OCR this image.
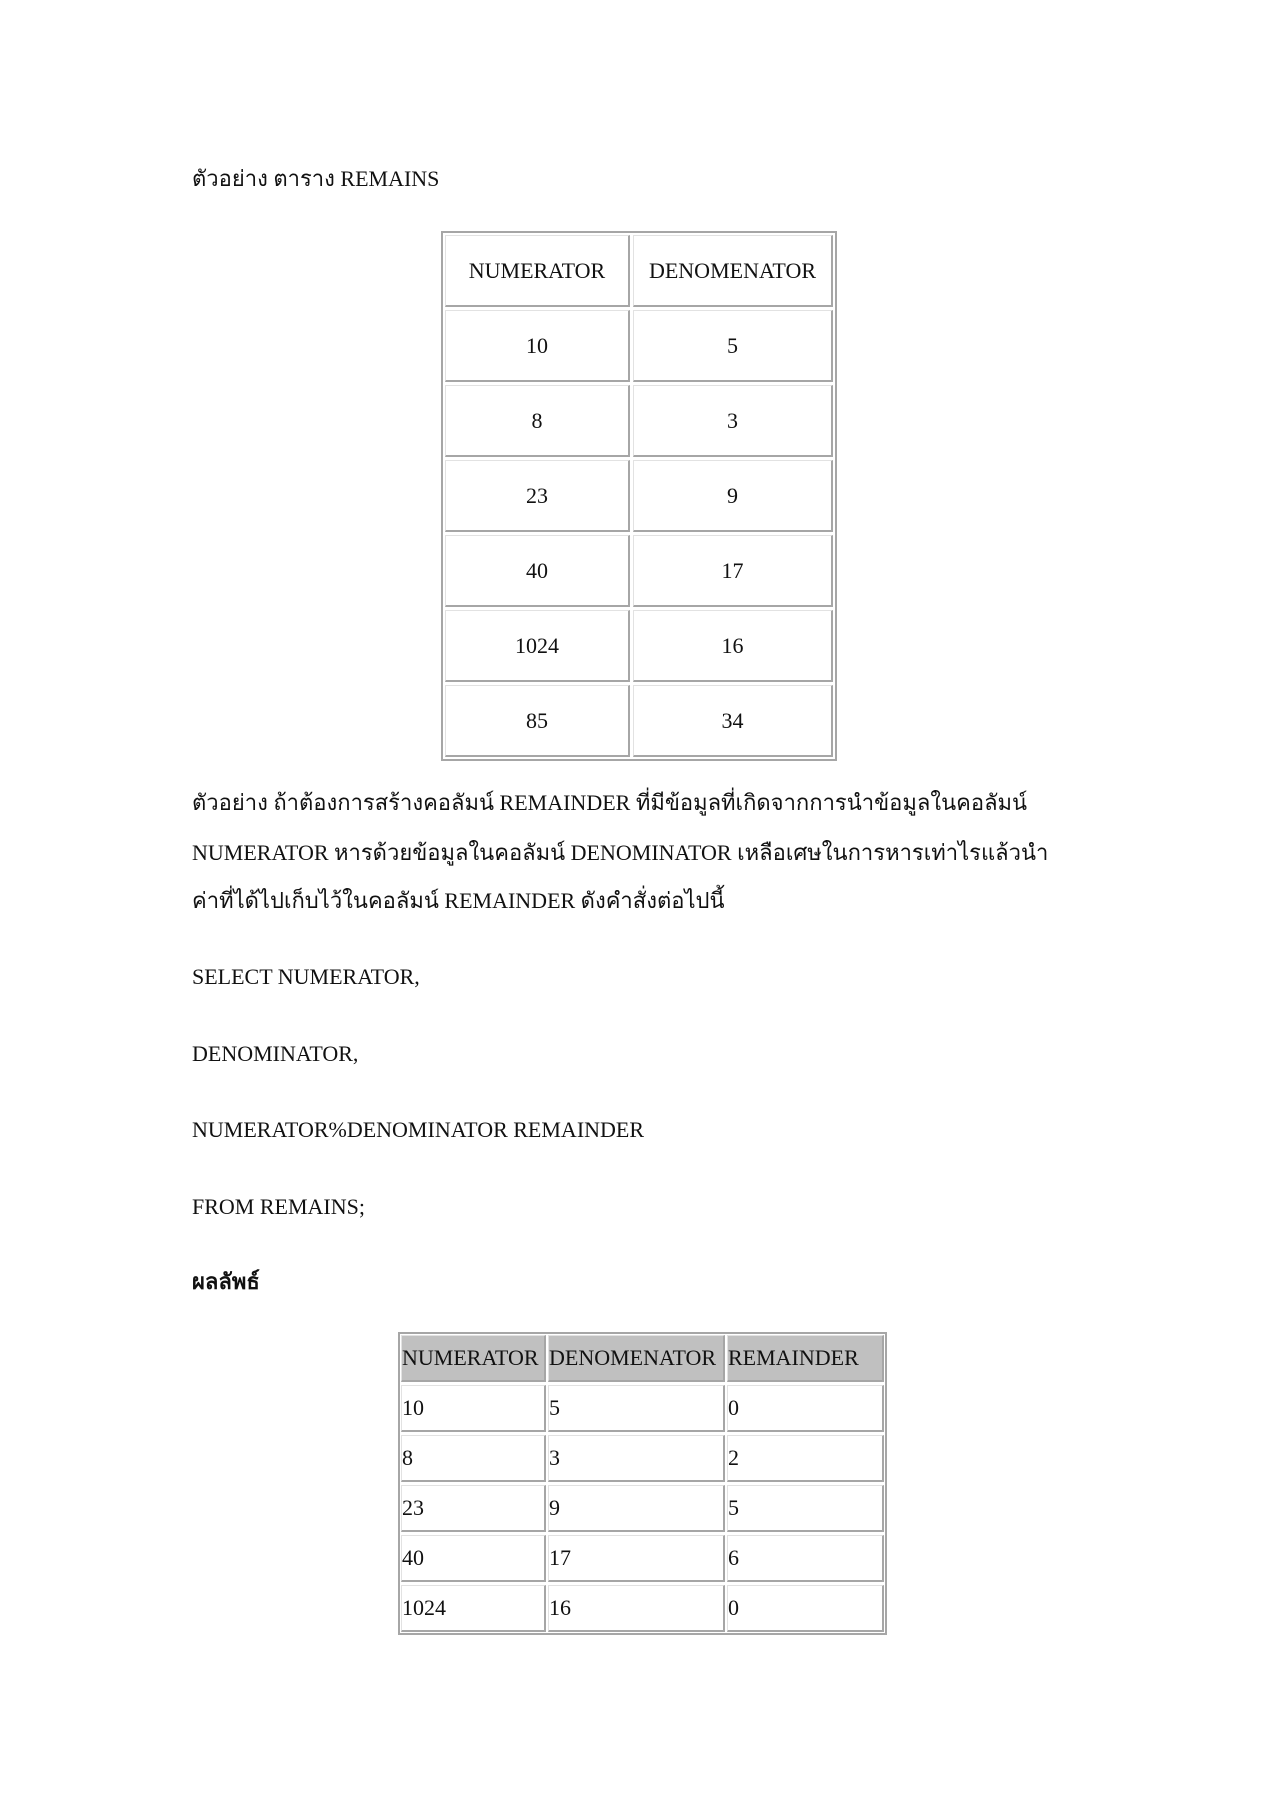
ตัวอย่าง ตาราง REMAINS
NUMERATOR	DENOMENATOR
10	5
8	3
23	9
40	17
1024	16
85	34
ตัวอย่าง ถ้าต้องการสร้างคอลัมน์ REMAINDER ที่มีข้อมูลที่เกิดจากการนำข้อมูลในคอลัมน์
NUMERATOR หารด้วยข้อมูลในคอลัมน์ DENOMINATOR เหลือเศษในการหารเท่าไรแล้วนำ
ค่าที่ได้ไปเก็บไว้ในคอลัมน์ REMAINDER ดังคำสั่งต่อไปนี้
SELECT NUMERATOR,
DENOMINATOR,
NUMERATOR%DENOMINATOR REMAINDER
FROM REMAINS;
ผลลัพธ์
NUMERATOR DENOMENATOR REMAINDER
10	5	0
8	3	2
23	9	5
40	17	6
1024	16	0
